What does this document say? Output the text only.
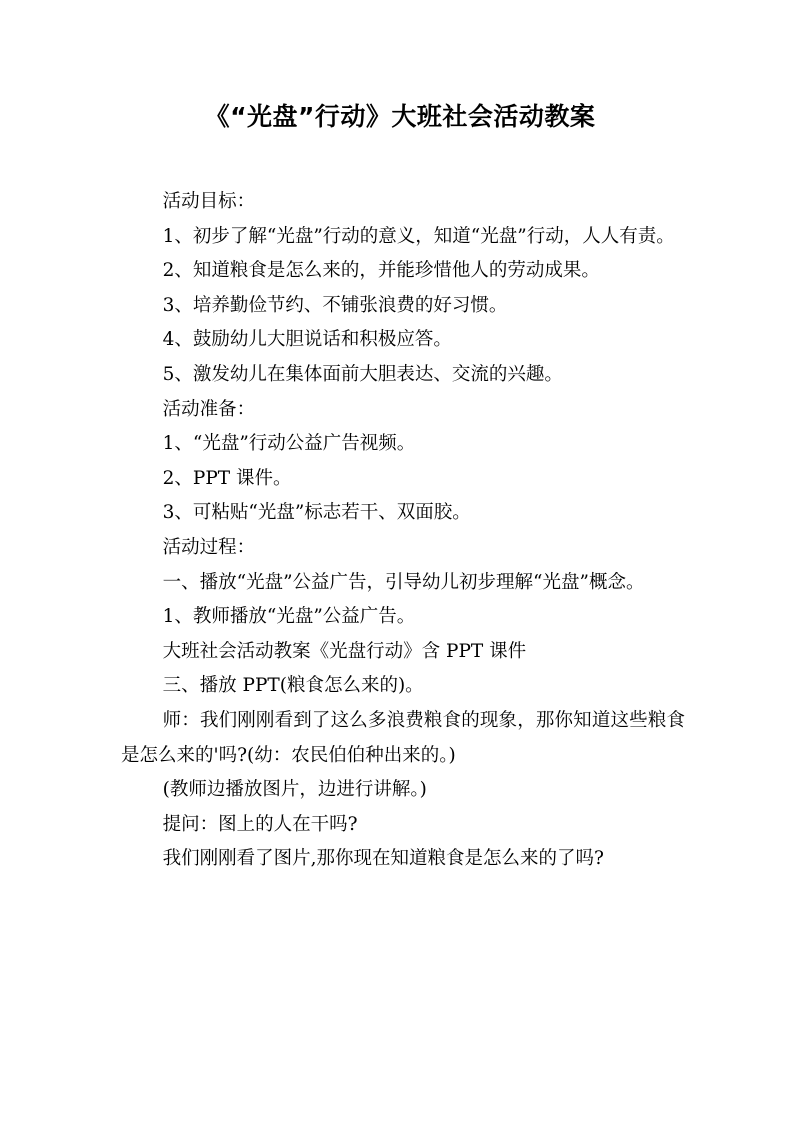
《“光盘”行动》大班社会活动教案

活动目标：

1、初步了解“光盘”行动的意义，知道“光盘”行动，人人有责。

2、知道粮食是怎么来的，并能珍惜他人的劳动成果。

3、培养勤俭节约、不铺张浪费的好习惯。

4、鼓励幼儿大胆说话和积极应答。

5、激发幼儿在集体面前大胆表达、交流的兴趣。

活动准备：

1、“光盘”行动公益广告视频。

2、PPT 课件。

3、可粘贴“光盘”标志若干、双面胶。

活动过程：

一、播放“光盘”公益广告，引导幼儿初步理解“光盘”概念。

1、教师播放“光盘”公益广告。

大班社会活动教案《光盘行动》含 PPT 课件

三、播放 PPT(粮食怎么来的)。

师：我们刚刚看到了这么多浪费粮食的现象，那你知道这些粮食是怎么来的'吗?(幼：农民伯伯种出来的。)

(教师边播放图片，边进行讲解。)

提问：图上的人在干吗?

我们刚刚看了图片,那你现在知道粮食是怎么来的了吗?
